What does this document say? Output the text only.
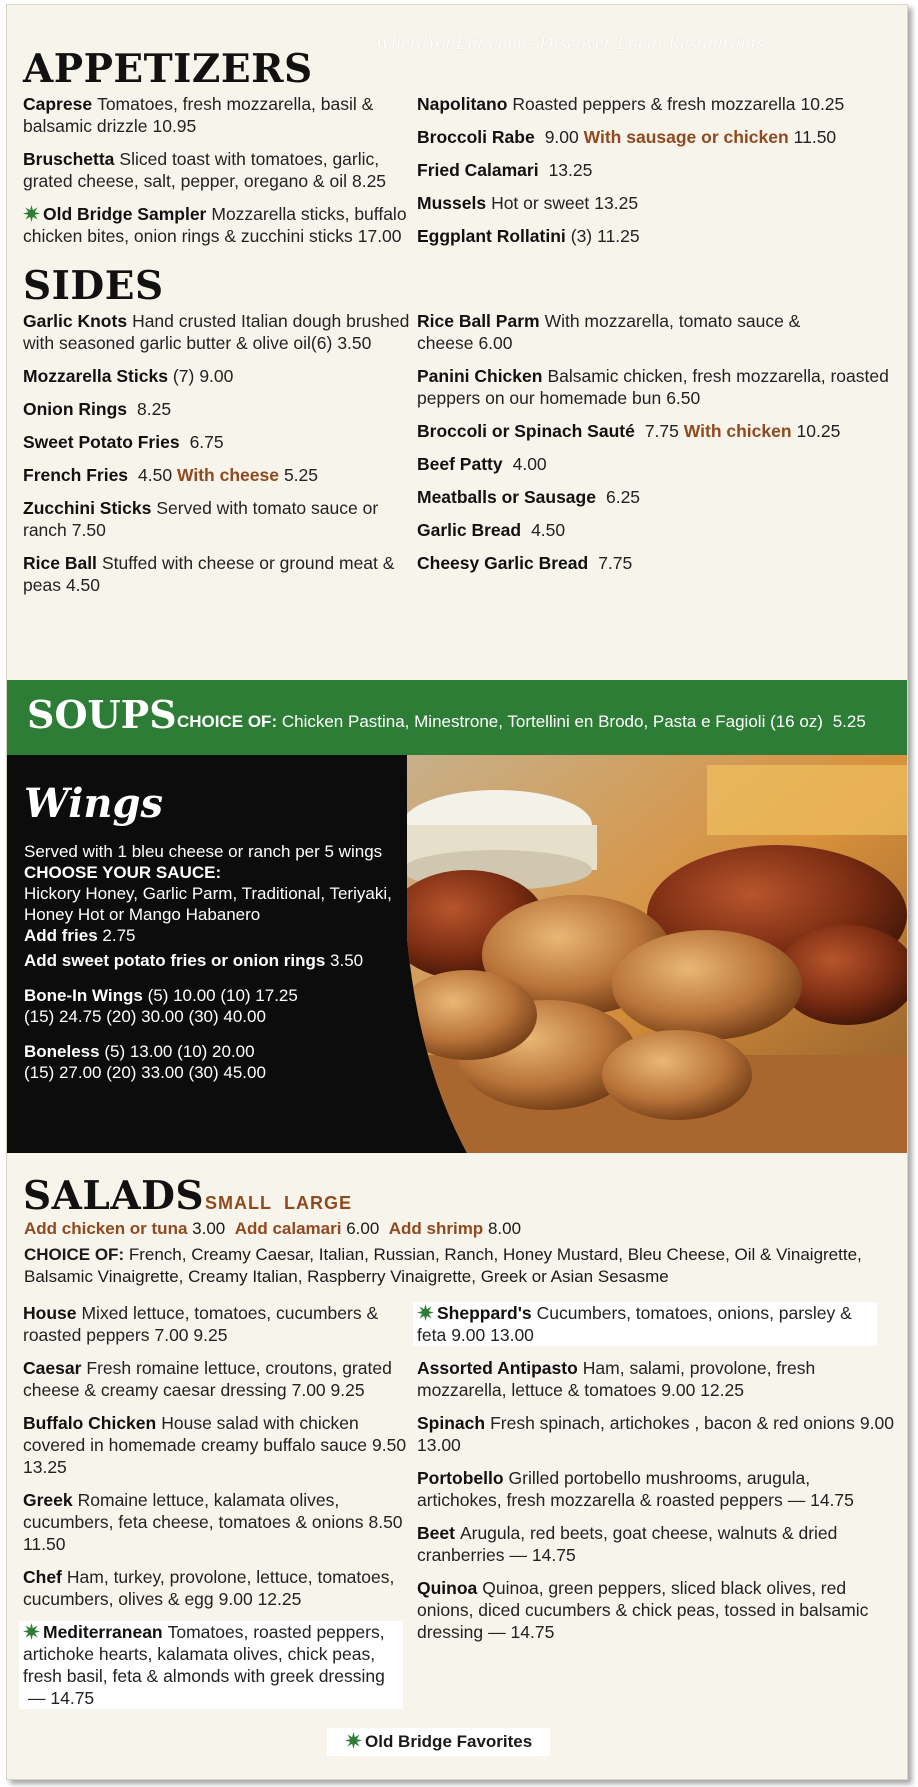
WhereYouEat.com - Discover Local Restaurants
APPETIZERS
Caprese Tomatoes, fresh mozzarella, basil & balsamic drizzle 10.95
Bruschetta Sliced toast with tomatoes, garlic, grated cheese, salt, pepper, oregano & oil 8.25
Old Bridge Sampler Mozzarella sticks, buffalo chicken bites, onion rings & zucchini sticks 17.00
Napolitano Roasted peppers & fresh mozzarella 10.25
Broccoli Rabe 9.00 With sausage or chicken 11.50
Fried Calamari 13.25
Mussels Hot or sweet 13.25
Eggplant Rollatini (3) 11.25
SIDES
Garlic Knots Hand crusted Italian dough brushed with seasoned garlic butter & olive oil(6) 3.50
Mozzarella Sticks (7) 9.00
Onion Rings 8.25
Sweet Potato Fries 6.75
French Fries 4.50 With cheese 5.25
Zucchini Sticks Served with tomato sauce or ranch 7.50
Rice Ball Stuffed with cheese or ground meat & peas 4.50
Rice Ball Parm With mozzarella, tomato sauce & cheese 6.00
Panini Chicken Balsamic chicken, fresh mozzarella, roasted peppers on our homemade bun 6.50
Broccoli or Spinach Sauté 7.75 With chicken 10.25
Beef Patty 4.00
Meatballs or Sausage 6.25
Garlic Bread 4.50
Cheesy Garlic Bread 7.75
SOUPS CHOICE OF: Chicken Pastina, Minestrone, Tortellini en Brodo, Pasta e Fagioli (16 oz) 5.25
Wings

Served with 1 bleu cheese or ranch per 5 wings

CHOOSE YOUR SAUCE:

Hickory Honey, Garlic Parm, Traditional, Teriyaki, Honey Hot or Mango Habanero

Add fries 2.75

Add sweet potato fries or onion rings 3.50

Bone-In Wings (5) 10.00 (10) 17.25

(15) 24.75 (20) 30.00 (30) 40.00

Boneless (5) 13.00 (10) 20.00

(15) 27.00 (20) 33.00 (30) 45.00

SALADS SMALL LARGE
Add chicken or tuna 3.00 Add calamari 6.00 Add shrimp 8.00
CHOICE OF: French, Creamy Caesar, Italian, Russian, Ranch, Honey Mustard, Bleu Cheese, Oil & Vinaigrette, Balsamic Vinaigrette, Creamy Italian, Raspberry Vinaigrette, Greek or Asian Sesasme
House Mixed lettuce, tomatoes, cucumbers & roasted peppers 7.00 9.25
Caesar Fresh romaine lettuce, croutons, grated cheese & creamy caesar dressing 7.00 9.25
Buffalo Chicken House salad with chicken covered in homemade creamy buffalo sauce 9.50 13.25
Greek Romaine lettuce, kalamata olives, cucumbers, feta cheese, tomatoes & onions 8.50 11.50
Chef Ham, turkey, provolone, lettuce, tomatoes, cucumbers, olives & egg 9.00 12.25
Mediterranean Tomatoes, roasted peppers, artichoke hearts, kalamata olives, chick peas, fresh basil, feta & almonds with greek dressing— 14.75
Sheppard's Cucumbers, tomatoes, onions, parsley & feta 9.00 13.00
Assorted Antipasto Ham, salami, provolone, fresh mozzarella, lettuce & tomatoes 9.00 12.25
Spinach Fresh spinach, artichokes , bacon & red onions 9.00 13.00
Portobello Grilled portobello mushrooms, arugula, artichokes, fresh mozzarella & roasted peppers — 14.75
Beet Arugula, red beets, goat cheese, walnuts & dried cranberries — 14.75
Quinoa Quinoa, green peppers, sliced black olives, red onions, diced cucumbers & chick peas, tossed in balsamic dressing — 14.75
Old Bridge Favorites
